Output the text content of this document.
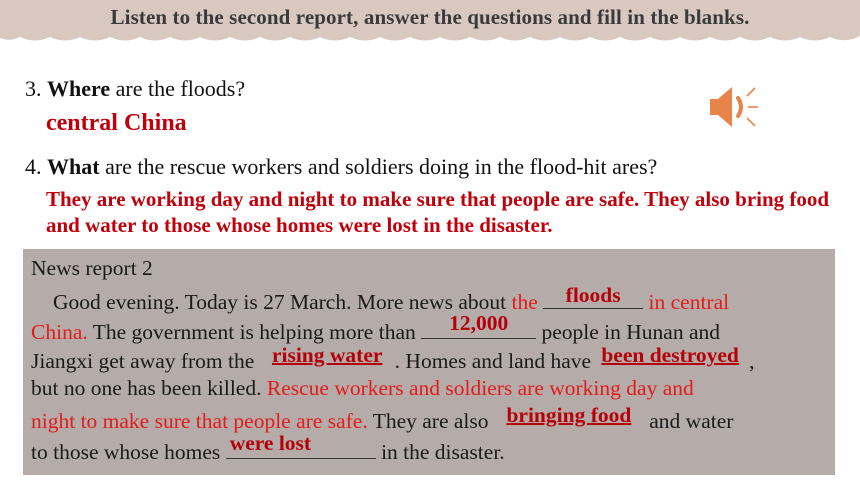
Listen to the second report, answer the questions and fill in the blanks.
3. Where are the floods?
central China
4. What are the rescue workers and soldiers doing in the flood-hit ares?
They are working day and night to make sure that people are safe. They also bring food and water to those whose homes were lost in the disaster.
News report 2
Good evening. Today is 27 March. More news about the	floods	in central
China. The government is helping more than	12,000	people in Hunan and
Jiangxi get away from the rising water . Homes and land have been destroyed ,
but no one has been killed. Rescue workers and soldiers are working day and
night to make sure that people are safe. They are also bringing food and water
to those whose homes were lost	in the disaster.
